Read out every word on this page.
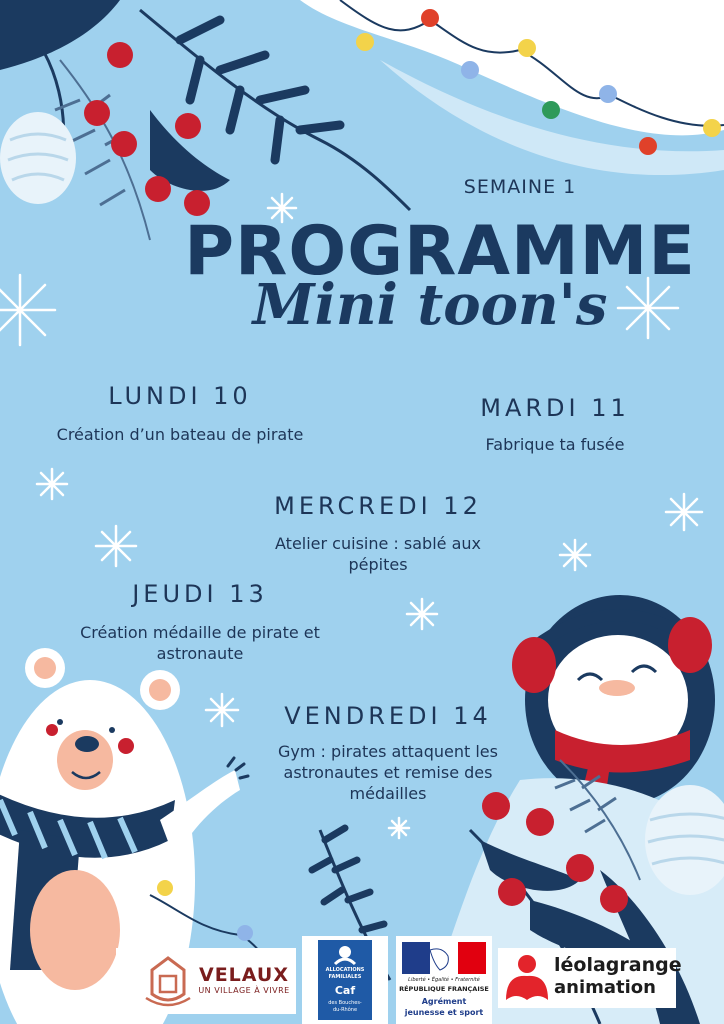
SEMAINE 1
PROGRAMME
Mini toon's
LUNDI 10
Création d’un bateau de pirate
MARDI 11
Fabrique ta fusée
MERCREDI 12
Atelier cuisine : sablé aux pépites
JEUDI 13
Création médaille de pirate et astronaute
VENDREDI 14
Gym : pirates attaquent les astronautes et remise des médailles
VELAUX
UN VILLAGE À VIVRE
ALLOCATIONS
FAMILIALES
Caf
des Bouches-
du-Rhône
Liberté • Égalité • Fraternité
RÉPUBLIQUE FRANÇAISE
Agrément
jeunesse et sport
léolagrange
animation
